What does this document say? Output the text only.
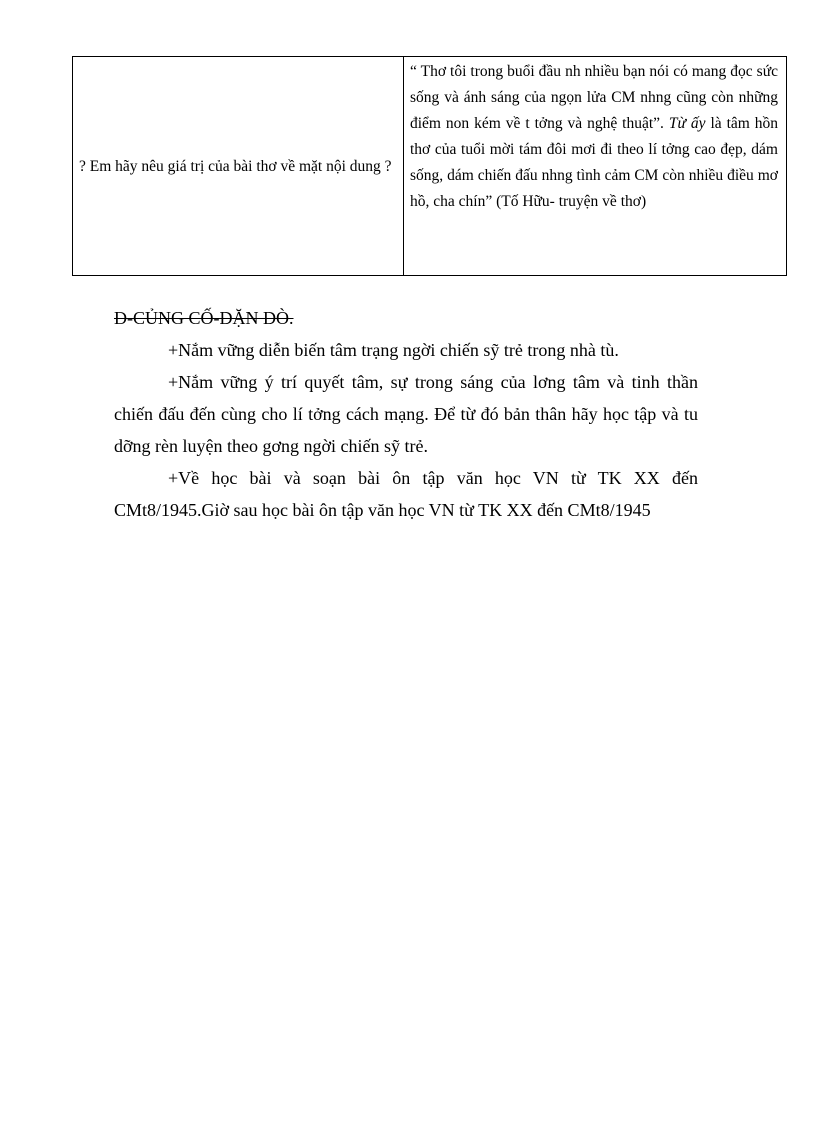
? Em hãy nêu giá trị của bài thơ về mặt nội dung ?
“ Thơ tôi trong buổi đầu nh nhiều bạn nói có mang đọc sức sống và ánh sáng của ngọn lửa CM nhng cũng còn những điểm non kém về t tởng và nghệ thuật”. Từ ấy là tâm hồn thơ của tuổi mời tám đôi mơi đi theo lí tởng cao đẹp, dám sống, dám chiến đấu nhng tình cảm CM còn nhiều điều mơ hồ, cha chín” (Tố Hữu- truyện về thơ)
Đ-CỦNG CỐ-DẶN DÒ.

+Nắm vững diễn biến tâm trạng ngời chiến sỹ trẻ trong nhà tù.

+Nắm vững ý trí quyết tâm, sự trong sáng của lơng tâm và tinh thần chiến đấu đến cùng cho lí tởng cách mạng. Để từ đó bản thân hãy học tập và tu dỡng rèn luyện theo gơng ngời chiến sỹ trẻ.

+Về học bài và soạn bài ôn tập văn học VN từ TK XX đến CMt8/1945.Giờ sau học bài ôn tập văn học VN từ TK XX đến CMt8/1945
